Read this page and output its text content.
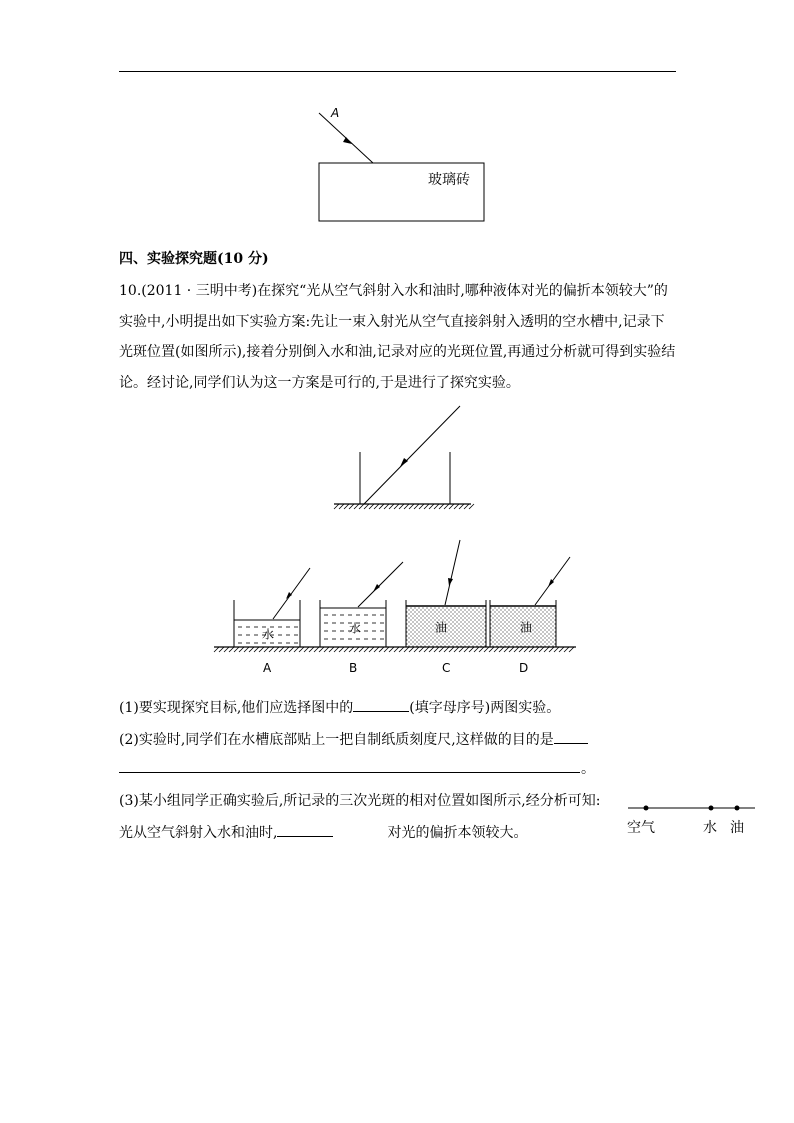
A
玻璃砖
四、实验探究题(10 分)
10.(2011 · 三明中考)在探究“光从空气斜射入水和油时,哪种液体对光的偏折本领较大”的
实验中,小明提出如下实验方案:先让一束入射光从空气直接斜射入透明的空水槽中,记录下
光斑位置(如图所示),接着分别倒入水和油,记录对应的光斑位置,再通过分析就可得到实验结
论。经讨论,同学们认为这一方案是可行的,于是进行了探究实验。
水
A
水
B
油
C
油
D
(1)要实现探究目标,他们应选择图中的	(填字母序号)两图实验。
(2)实验时,同学们在水槽底部贴上一把自制纸质刻度尺,这样做的目的是
。
(3)某小组同学正确实验后,所记录的三次光斑的相对位置如图所示,经分析可知:
光从空气斜射入水和油时,	对光的偏折本领较大。	空气	水 油
